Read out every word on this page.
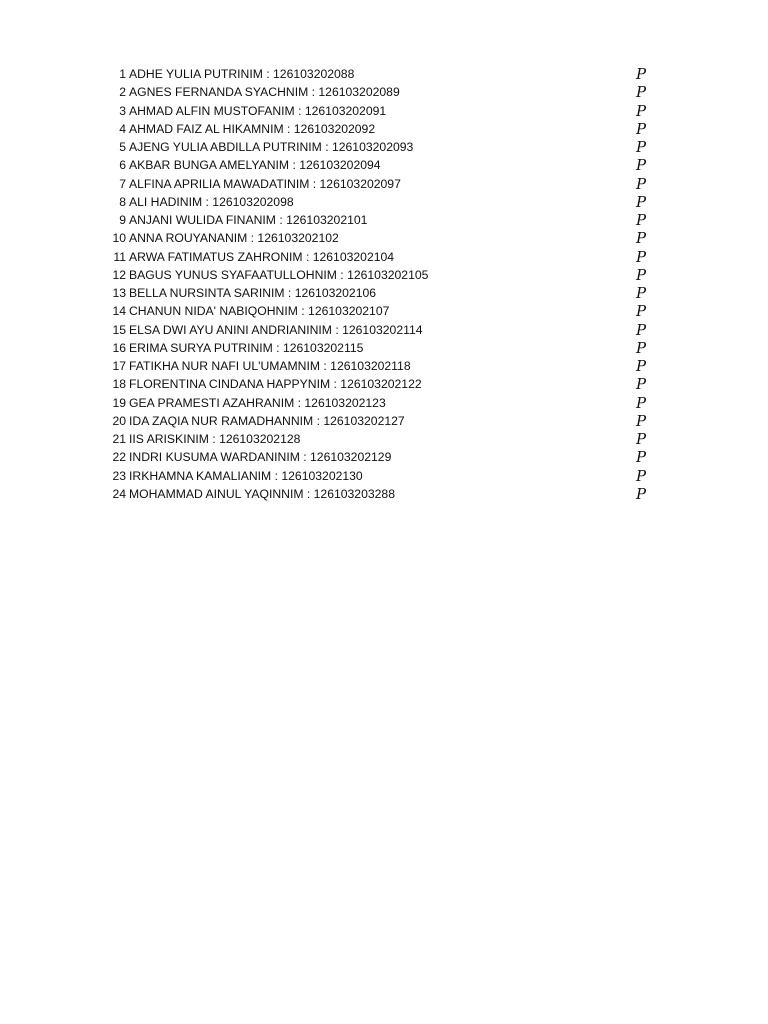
1 ADHE YULIA PUTRINIM : 126103202088	P
2 AGNES FERNANDA SYACHNIM : 126103202089	P
3 AHMAD ALFIN MUSTOFANIM : 126103202091	P
4 AHMAD FAIZ AL HIKAMNIM : 126103202092	P
5 AJENG YULIA ABDILLA PUTRINIM : 126103202093	P
6 AKBAR BUNGA AMELYANIM : 126103202094	P
7 ALFINA APRILIA MAWADATINIM : 126103202097	P
8 ALI HADINIM : 126103202098	P
9 ANJANI WULIDA FINANIM : 126103202101	P
10 ANNA ROUYANANIM : 126103202102	P
11 ARWA FATIMATUS ZAHRONIM : 126103202104	P
12 BAGUS YUNUS SYAFAATULLOHNIM : 126103202105	P
13 BELLA NURSINTA SARINIM : 126103202106	P
14 CHANUN NIDA' NABIQOHNIM : 126103202107	P
15 ELSA DWI AYU ANINI ANDRIANINIM : 126103202114	P
16 ERIMA SURYA PUTRINIM : 126103202115	P
17 FATIKHA NUR NAFI UL'UMAMNIM : 126103202118	P
18 FLORENTINA CINDANA HAPPYNIM : 126103202122	P
19 GEA PRAMESTI AZAHRANIM : 126103202123	P
20 IDA ZAQIA NUR RAMADHANNIM : 126103202127	P
21 IIS ARISKINIM : 126103202128	P
22 INDRI KUSUMA WARDANINIM : 126103202129	P
23 IRKHAMNA KAMALIANIM : 126103202130	P
24 MOHAMMAD AINUL YAQINNIM : 126103203288	P
